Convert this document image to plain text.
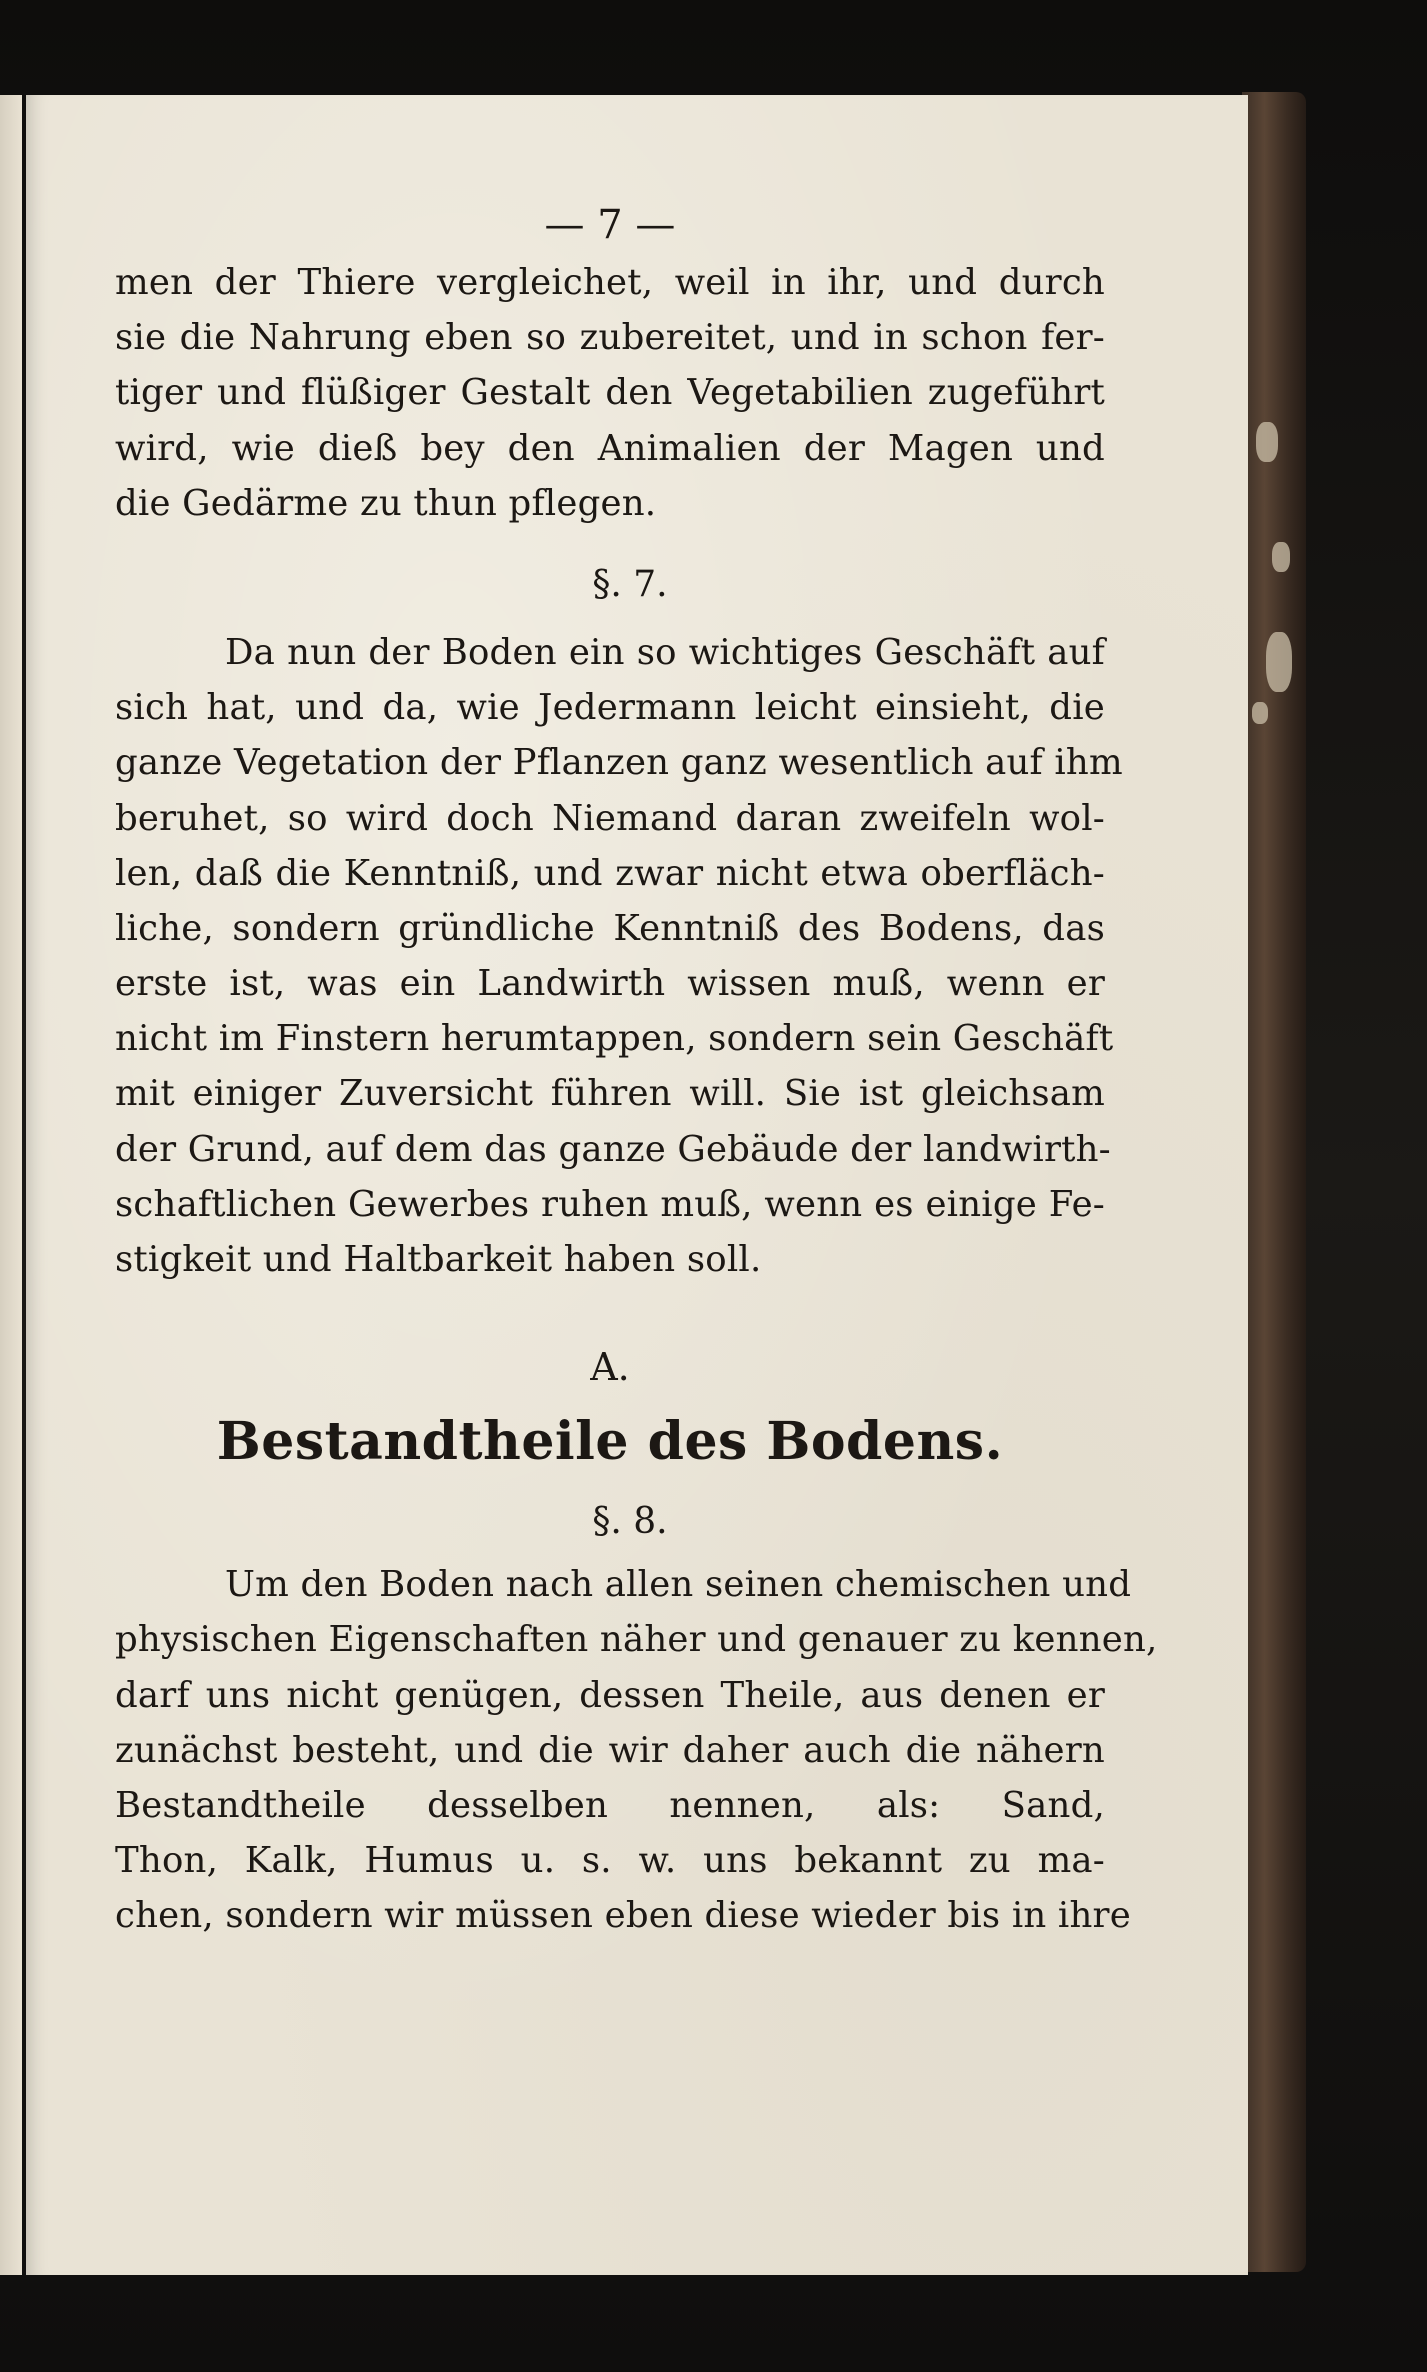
— 7 —
men der Thiere vergleichet, weil in ihr, und durch
sie die Nahrung eben so zubereitet, und in schon fer-
tiger und flüßiger Gestalt den Vegetabilien zugeführt
wird, wie dieß bey den Animalien der Magen und
die Gedärme zu thun pflegen.
§. 7.
Da nun der Boden ein so wichtiges Geschäft auf
sich hat, und da, wie Jedermann leicht einsieht, die
ganze Vegetation der Pflanzen ganz wesentlich auf ihm
beruhet, so wird doch Niemand daran zweifeln wol-
len, daß die Kenntniß, und zwar nicht etwa oberfläch-
liche, sondern gründliche Kenntniß des Bodens, das
erste ist, was ein Landwirth wissen muß, wenn er
nicht im Finstern herumtappen, sondern sein Geschäft
mit einiger Zuversicht führen will. Sie ist gleichsam
der Grund, auf dem das ganze Gebäude der landwirth-
schaftlichen Gewerbes ruhen muß, wenn es einige Fe-
stigkeit und Haltbarkeit haben soll.
A.
Bestandtheile des Bodens.
§. 8.
Um den Boden nach allen seinen chemischen und
physischen Eigenschaften näher und genauer zu kennen,
darf uns nicht genügen, dessen Theile, aus denen er
zunächst besteht, und die wir daher auch die nähern
Bestandtheile desselben nennen, als: Sand,
Thon, Kalk, Humus u. s. w. uns bekannt zu ma-
chen, sondern wir müssen eben diese wieder bis in ihre
